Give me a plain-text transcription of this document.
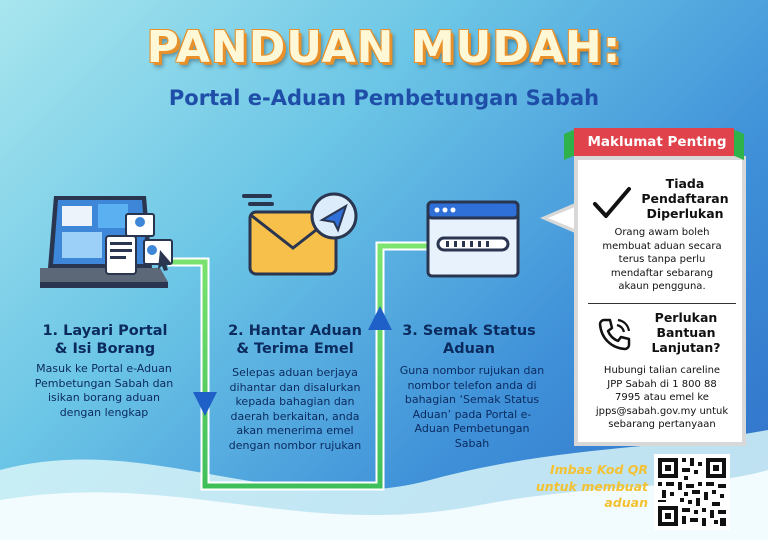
PANDUAN MUDAH:
Portal e-Aduan Pembetungan Sabah
1. Layari Portal
& Isi Borang
Masuk ke Portal e-Aduan
Pembetungan Sabah dan
isikan borang aduan
dengan lengkap
2. Hantar Aduan
& Terima Emel
Selepas aduan berjaya
dihantar dan disalurkan
kepada bahagian dan
daerah berkaitan, anda
akan menerima emel
dengan nombor rujukan
3. Semak Status
Aduan
Guna nombor rujukan dan
nombor telefon anda di
bahagian ‘Semak Status
Aduan’ pada Portal e-
Aduan Pembetungan
Sabah
Maklumat Penting
Tiada
Pendaftaran
Diperlukan
Orang awam boleh
membuat aduan secara
terus tanpa perlu
mendaftar sebarang
akaun pengguna.
Perlukan
Bantuan
Lanjutan?
Hubungi talian careline
JPP Sabah di 1 800 88
7995 atau emel ke
jpps@sabah.gov.my untuk
sebarang pertanyaan
Imbas Kod QR
untuk membuat
aduan
